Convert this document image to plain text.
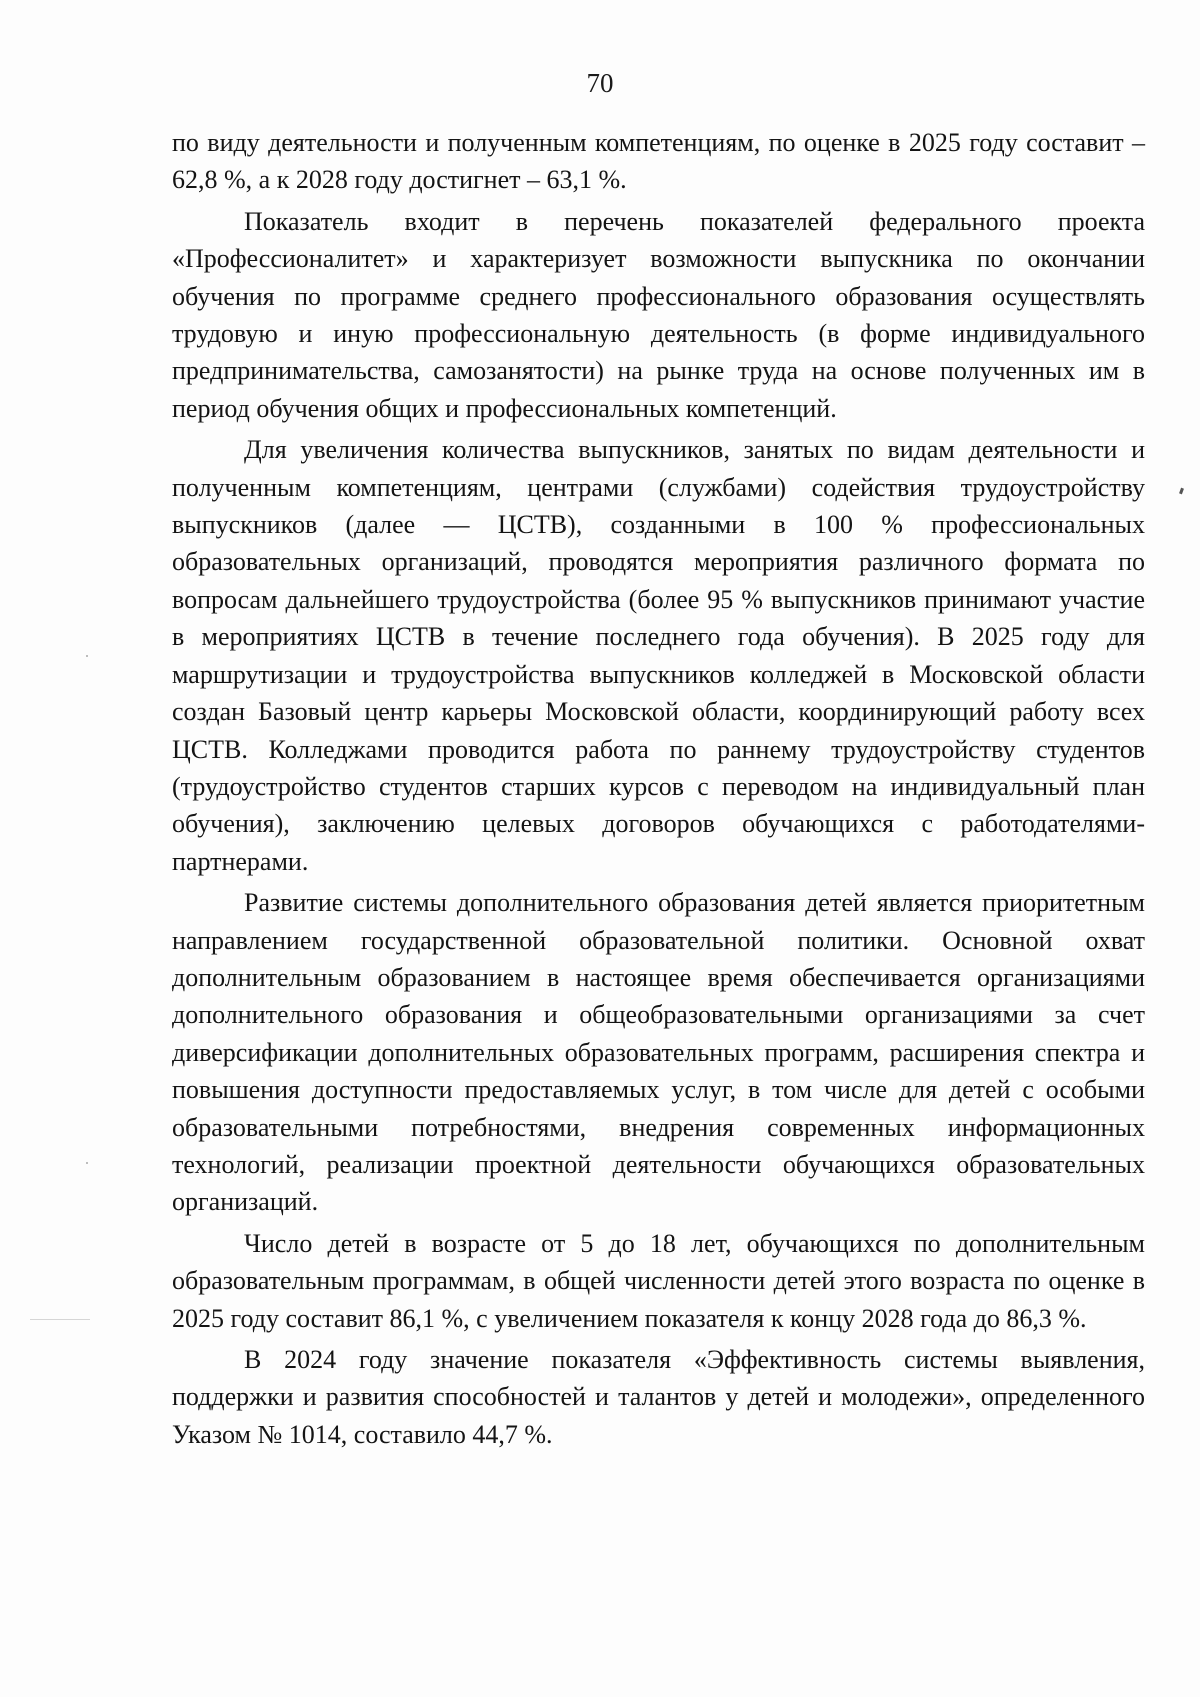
70

по виду деятельности и полученным компетенциям, по оценке в 2025 году составит – 62,8 %, а к 2028 году достигнет – 63,1 %.

Показатель входит в перечень показателей федерального проекта «Профессионалитет» и характеризует возможности выпускника по окончании обучения по программе среднего профессионального образования осуществлять трудовую и иную профессиональную деятельность (в форме индивидуального предпринимательства, самозанятости) на рынке труда на основе полученных им в период обучения общих и профессиональных компетенций.

Для увеличения количества выпускников, занятых по видам деятельности и полученным компетенциям, центрами (службами) содействия трудоустройству выпускников (далее — ЦСТВ), созданными в 100 % профессиональных образовательных организаций, проводятся мероприятия различного формата по вопросам дальнейшего трудоустройства (более 95 % выпускников принимают участие в мероприятиях ЦСТВ в течение последнего года обучения). В 2025 году для маршрутизации и трудоустройства выпускников колледжей в Московской области создан Базовый центр карьеры Московской области, координирующий работу всех ЦСТВ. Колледжами проводится работа по раннему трудоустройству студентов (трудоустройство студентов старших курсов с переводом на индивидуальный план обучения), заключению целевых договоров обучающихся с работодателями-партнерами.

Развитие системы дополнительного образования детей является приоритетным направлением государственной образовательной политики. Основной охват дополнительным образованием в настоящее время обеспечивается организациями дополнительного образования и общеобразовательными организациями за счет диверсификации дополнительных образовательных программ, расширения спектра и повышения доступности предоставляемых услуг, в том числе для детей с особыми образовательными потребностями, внедрения современных информационных технологий, реализации проектной деятельности обучающихся образовательных организаций.

Число детей в возрасте от 5 до 18 лет, обучающихся по дополнительным образовательным программам, в общей численности детей этого возраста по оценке в 2025 году составит 86,1 %, с увеличением показателя к концу 2028 года до 86,3 %.

В 2024 году значение показателя «Эффективность системы выявления, поддержки и развития способностей и талантов у детей и молодежи», определенного Указом № 1014, составило 44,7 %.
